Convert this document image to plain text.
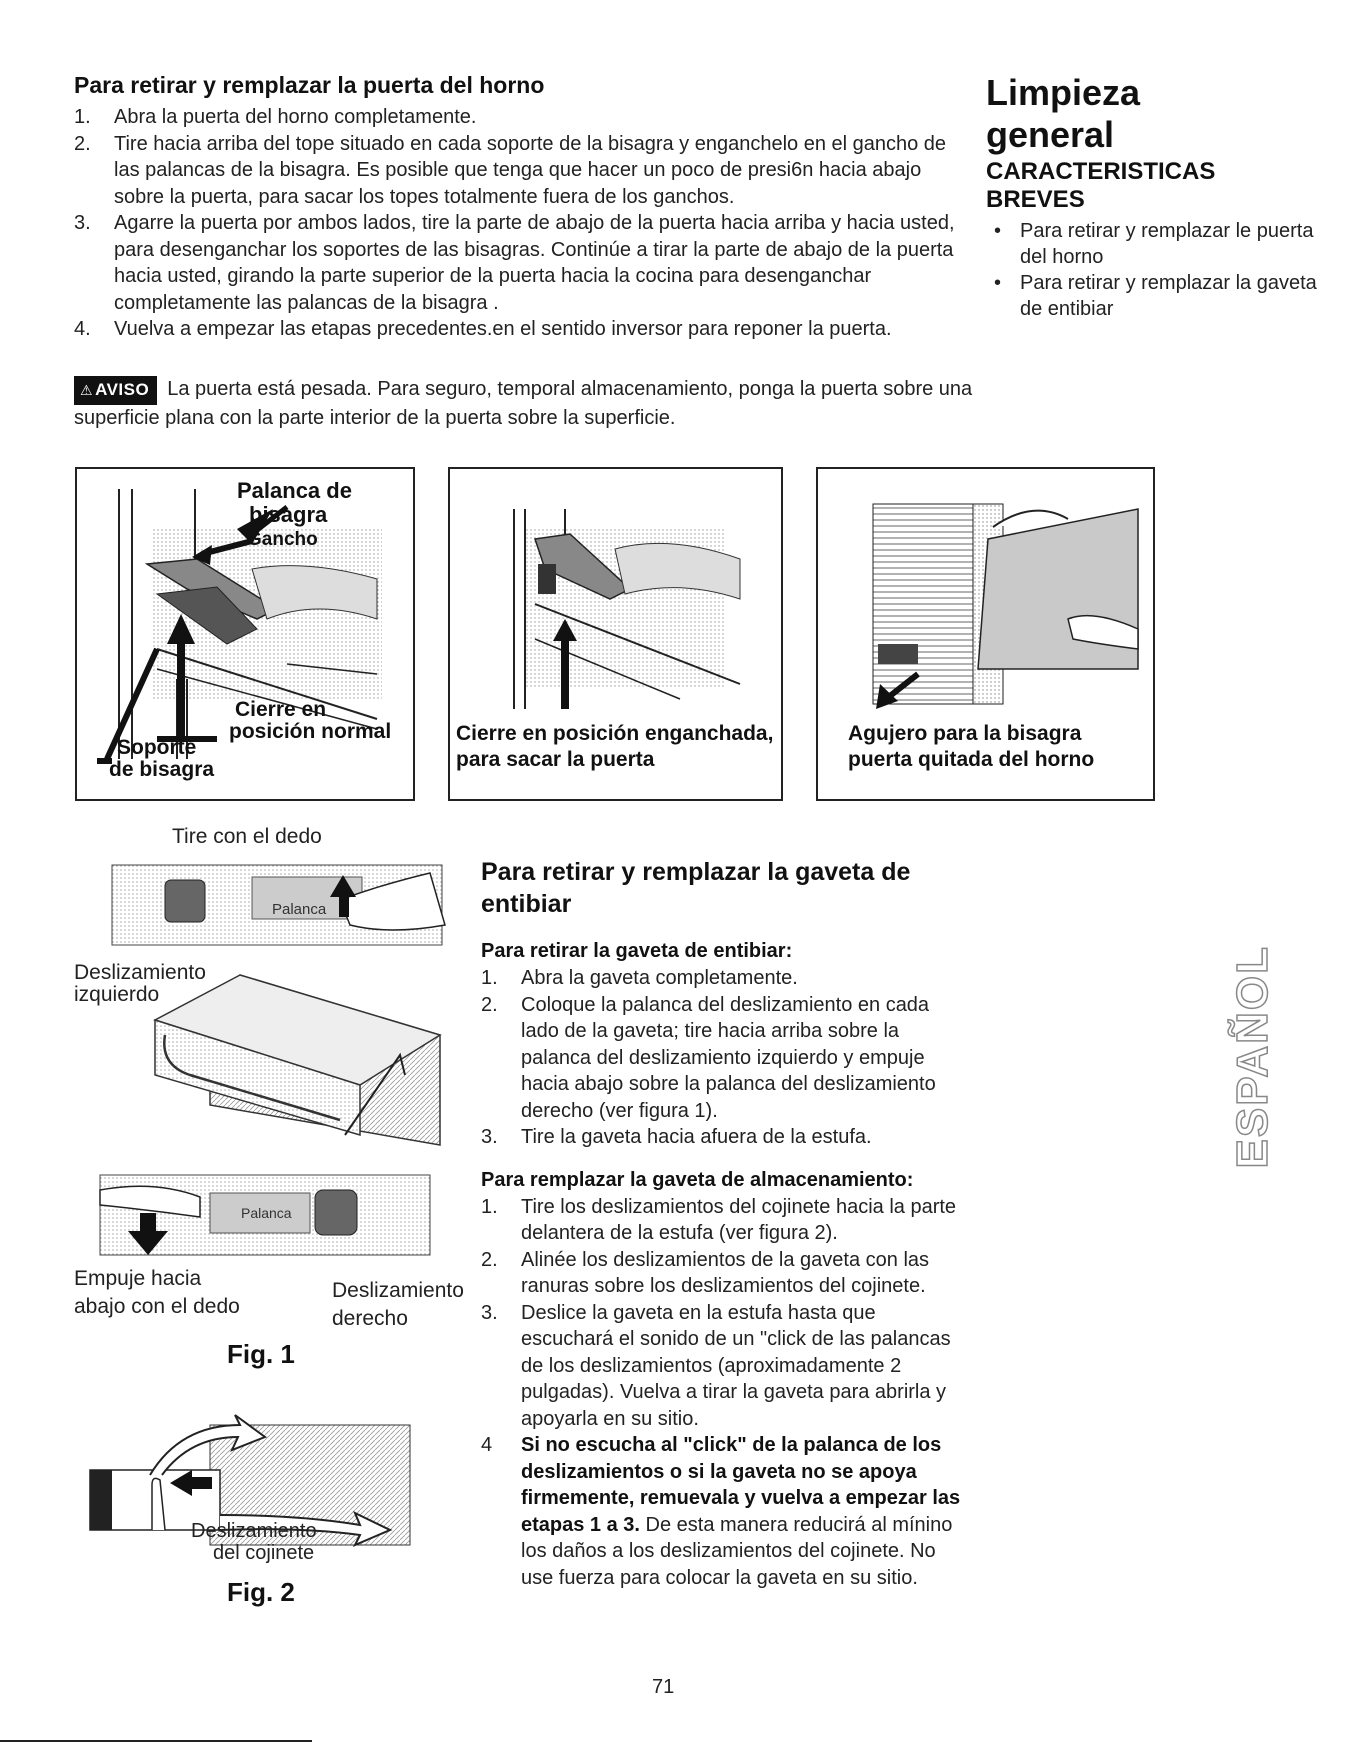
Para retirar y remplazar la puerta del horno
1. Abra la puerta del horno completamente.
2. Tire hacia arriba del tope situado en cada soporte de la bisagra y enganchelo en el gancho de las palancas de la bisagra. Es posible que tenga que hacer un poco de presi6n hacia abajo sobre la puerta, para sacar los topes totalmente fuera de los ganchos.
3. Agarre la puerta por ambos lados, tire la parte de abajo de la puerta hacia arriba y hacia usted, para desenganchar los soportes de las bisagras. Continúe a tirar la parte de abajo de la puerta hacia usted, girando la parte superior de la puerta hacia la cocina para desenganchar completamente las palancas de la bisagra .
4. Vuelva a empezar las etapas precedentes.en el sentido inversor para reponer la puerta.
⚠ AVISO La puerta está pesada. Para seguro, temporal almacenamiento, ponga la puerta sobre una superficie plana con la parte interior de la puerta sobre la superficie.
Limpieza
general
CARACTERISTICAS
BREVES
• Para retirar y remplazar le puerta del horno
• Para retirar y remplazar la gaveta de entibiar
Palanca de
bisagra
Gancho
Cierre en
posición normal
Soporte
de bisagra
Cierre en posición enganchada,
para sacar la puerta
Agujero para la bisagra
puerta quitada del horno
Tire con el dedo
Palanca
Deslizamiento
izquierdo
Palanca
Empuje hacia
abajo con el dedo
Deslizamiento
derecho
Fig. 1
Deslizamiento
del cojinete
Fig. 2
Para retirar y remplazar la gaveta de
entibiar
Para retirar la gaveta de entibiar:
1. Abra la gaveta completamente.
2. Coloque la palanca del deslizamiento en cada lado de la gaveta; tire hacia arriba sobre la palanca del deslizamiento izquierdo y empuje hacia abajo sobre la palanca del deslizamiento derecho (ver figura 1).
3. Tire la gaveta hacia afuera de la estufa.
Para remplazar la gaveta de almacenamiento:
1. Tire los deslizamientos del cojinete hacia la parte delantera de la estufa (ver figura 2).
2. Alinée los deslizamientos de la gaveta con las ranuras sobre los deslizamientos del cojinete.
3. Deslice la gaveta en la estufa hasta que escuchará el sonido de un "click de las palancas de los deslizamientos (aproximadamente 2 pulgadas). Vuelva a tirar la gaveta para abrirla y apoyarla en su sitio.
4 Si no escucha al "click" de la palanca de los deslizamientos o si la gaveta no se apoya firmemente, remuevala y vuelva a empezar las etapas 1 a 3. De esta manera reducirá al mínino los daños a los deslizamientos del cojinete. No use fuerza para colocar la gaveta en su sitio.
ESPAÑOL
71
